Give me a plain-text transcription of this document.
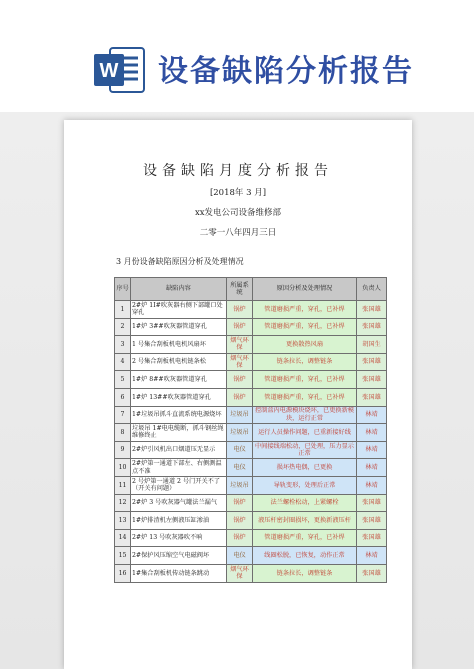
W 设备缺陷分析报告
设备缺陷月度分析报告
[2018年 3 月]
xx发电公司设备维修部
二零一八年四月三日
3 月份设备缺陷原因分析及处理情况
序号	缺陷内容	所属系统	原因分析及处理情况	负责人
1	2#炉 1I#吹灰器右侧下部罐口处穿孔	锅炉	管道磨损严重，穿孔，已补焊	张国雄
2	1#炉 3##吹灰器管道穿孔	锅炉	管道磨损严重，穿孔，已补焊	张国雄
3	1 号集合刮板机电机风扇坏	烟气环保	更换散热风扇	胡国生
4	2 号集合刮板机电机链条松	烟气环保	链条拉长，调整链条	张国雄
5	1#炉 8##吹灰器管道穿孔	锅炉	管道磨损严重，穿孔，已补焊	张国雄
6	1#炉 13##吹灰器管道穿孔	锅炉	管道磨损严重，穿孔，已补焊	张国雄
7	1#垃圾吊抓斗直流系统电源烧坏	垃圾吊	控制盒内电源模块烧坏，已更换新模块，运行正常	林靖
8	垃圾吊 1#电电缆断，抓斗钢丝绳维修终止	垃圾吊	运行人员操作问题，已重新接好线	林靖
9	2#炉引风机出口烟道压无显示	电仪	中间接线端松动，已处理，压力显示正常	林靖
10	2#炉第一通道下部左、右侧测温点不准	电仪	损坏热电偶，已更换	林靖
11	2 号炉第一通道 2 号门开关不了（开关有问题）	垃圾吊	导轨变形，处理后正常	林靖
12	2#炉 3 号吹灰器气罐法兰漏气	锅炉	法兰螺栓松动，上紧螺栓	张国雄
13	1#炉排渣机左侧液压缸渗油	锅炉	液压杆密封圈损坏，更换新液压杆	张国雄
14	2#炉 13 号吹灰器吹不响	锅炉	管道磨损严重，穿孔，已补焊	张国雄
15	2#保护风压缩空气电磁阀坏	电仪	线圈松脱，已恢复，动作正常	林靖
16	1#集合刮板机传动链条跳动	烟气环保	链条拉长，调整链条	张国雄
